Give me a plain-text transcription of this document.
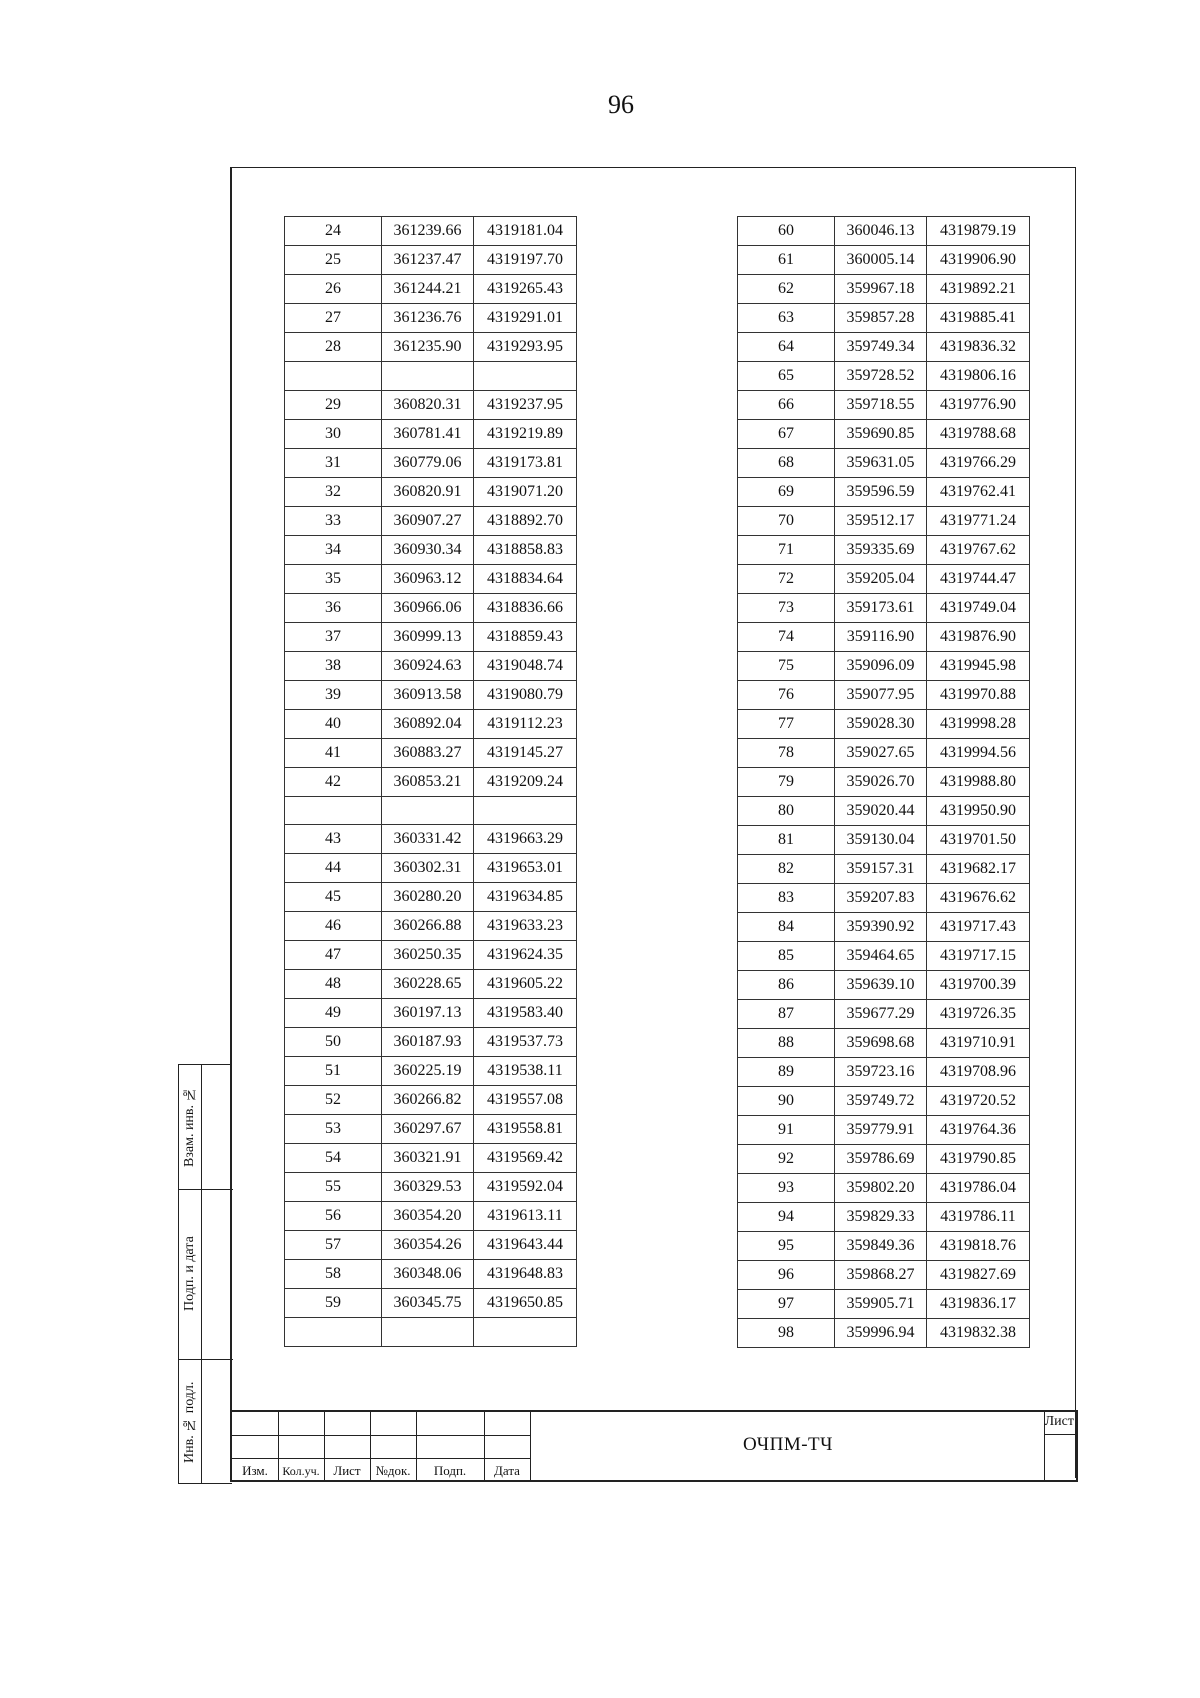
96
24	361239.66	4319181.04
25	361237.47	4319197.70
26	361244.21	4319265.43
27	361236.76	4319291.01
28	361235.90	4319293.95

29	360820.31	4319237.95
30	360781.41	4319219.89
31	360779.06	4319173.81
32	360820.91	4319071.20
33	360907.27	4318892.70
34	360930.34	4318858.83
35	360963.12	4318834.64
36	360966.06	4318836.66
37	360999.13	4318859.43
38	360924.63	4319048.74
39	360913.58	4319080.79
40	360892.04	4319112.23
41	360883.27	4319145.27
42	360853.21	4319209.24

43	360331.42	4319663.29
44	360302.31	4319653.01
45	360280.20	4319634.85
46	360266.88	4319633.23
47	360250.35	4319624.35
48	360228.65	4319605.22
49	360197.13	4319583.40
50	360187.93	4319537.73
51	360225.19	4319538.11
52	360266.82	4319557.08
53	360297.67	4319558.81
54	360321.91	4319569.42
55	360329.53	4319592.04
56	360354.20	4319613.11
57	360354.26	4319643.44
58	360348.06	4319648.83
59	360345.75	4319650.85

60	360046.13	4319879.19
61	360005.14	4319906.90
62	359967.18	4319892.21
63	359857.28	4319885.41
64	359749.34	4319836.32
65	359728.52	4319806.16
66	359718.55	4319776.90
67	359690.85	4319788.68
68	359631.05	4319766.29
69	359596.59	4319762.41
70	359512.17	4319771.24
71	359335.69	4319767.62
72	359205.04	4319744.47
73	359173.61	4319749.04
74	359116.90	4319876.90
75	359096.09	4319945.98
76	359077.95	4319970.88
77	359028.30	4319998.28
78	359027.65	4319994.56
79	359026.70	4319988.80
80	359020.44	4319950.90
81	359130.04	4319701.50
82	359157.31	4319682.17
83	359207.83	4319676.62
84	359390.92	4319717.43
85	359464.65	4319717.15
86	359639.10	4319700.39
87	359677.29	4319726.35
88	359698.68	4319710.91
89	359723.16	4319708.96
90	359749.72	4319720.52
91	359779.91	4319764.36
92	359786.69	4319790.85
93	359802.20	4319786.04
94	359829.33	4319786.11
95	359849.36	4319818.76
96	359868.27	4319827.69
97	359905.71	4319836.17
98	359996.94	4319832.38
Взам. инв. №
Подп. и дата
Инв. № подл.
Изм.	Кол.уч.	Лист	№док.	Подп.	Дата
ОЧПМ-ТЧ
Лист
